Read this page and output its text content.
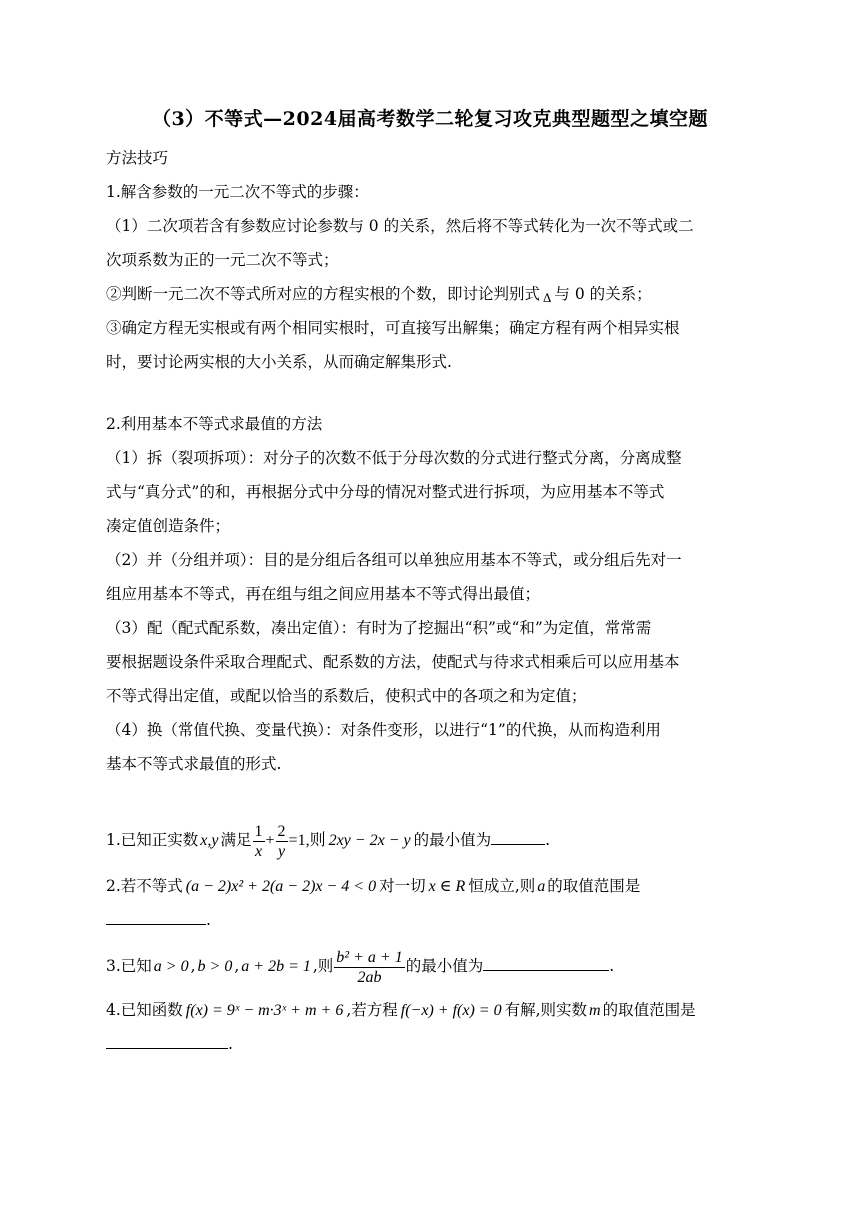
（3）不等式—2024届高考数学二轮复习攻克典型题型之填空题
方法技巧
1.解含参数的一元二次不等式的步骤：
（1）二次项若含有参数应讨论参数与 0 的关系，然后将不等式转化为一次不等式或二
次项系数为正的一元二次不等式；
②判断一元二次不等式所对应的方程实根的个数，即讨论判别式 Δ 与 0 的关系；
③确定方程无实根或有两个相同实根时，可直接写出解集；确定方程有两个相异实根
时，要讨论两实根的大小关系，从而确定解集形式.
2.利用基本不等式求最值的方法
（1）拆（裂项拆项）：对分子的次数不低于分母次数的分式进行整式分离，分离成整
式与“真分式”的和，再根据分式中分母的情况对整式进行拆项，为应用基本不等式
凑定值创造条件；
（2）并（分组并项）：目的是分组后各组可以单独应用基本不等式，或分组后先对一
组应用基本不等式，再在组与组之间应用基本不等式得出最值；
（3）配（配式配系数，凑出定值）：有时为了挖掘出“积”或“和”为定值，常常需
要根据题设条件采取合理配式、配系数的方法，使配式与待求式相乘后可以应用基本
不等式得出定值，或配以恰当的系数后，使积式中的各项之和为定值；
（4）换（常值代换、变量代换）：对条件变形，以进行“1”的代换，从而构造利用
基本不等式求最值的形式.
1.已知正实数 x,y 满足 $\frac{1}{x} + \frac{2}{y} =1$,则 2xy − 2x − y 的最小值为	.
2.若不等式 (a − 2)x² + 2(a − 2)x − 4 < 0 对一切 x ∈ R 恒成立,则 a 的取值范围是
.
3.已知 a > 0 , b > 0 , a + 2b = 1 ,则 $\frac{\text{b² + a + 1}}{2ab}$ 的最小值为	.
4.已知函数 f(x) = 9ˣ − m·3ˣ + m + 6 ,若方程 f(−x) + f(x) = 0 有解,则实数 m 的取值范围是
.
